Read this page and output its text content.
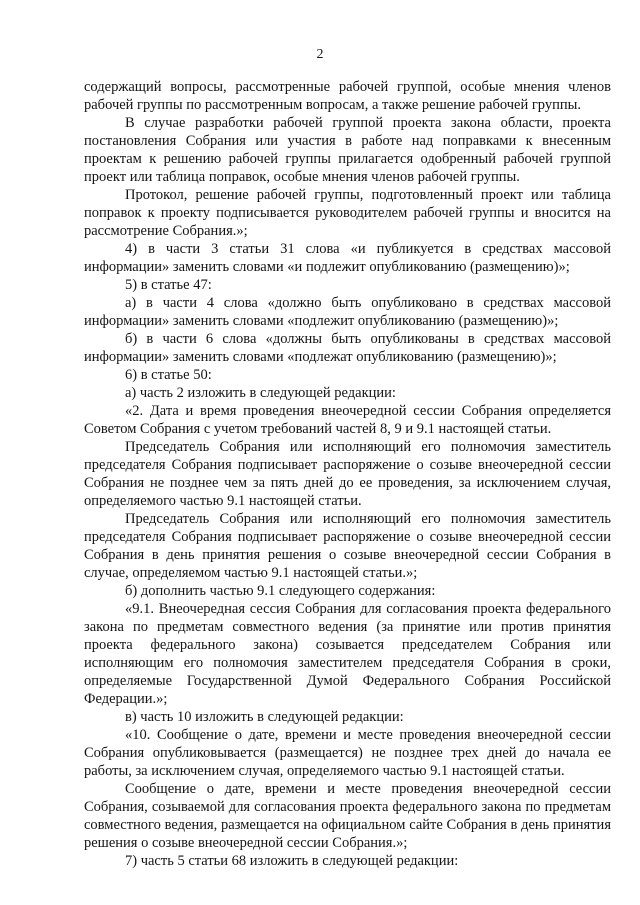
2

содержащий вопросы, рассмотренные рабочей группой, особые мнения членов рабочей группы по рассмотренным вопросам, а также решение рабочей группы.

В случае разработки рабочей группой проекта закона области, проекта постановления Собрания или участия в работе над поправками к внесенным проектам к решению рабочей группы прилагается одобренный рабочей группой проект или таблица поправок, особые мнения членов рабочей группы.

Протокол, решение рабочей группы, подготовленный проект или таблица поправок к проекту подписывается руководителем рабочей группы и вносится на рассмотрение Собрания.»;

4) в части 3 статьи 31 слова «и публикуется в средствах массовой информации» заменить словами «и подлежит опубликованию (размещению)»;

5) в статье 47:

а) в части 4 слова «должно быть опубликовано в средствах массовой информации» заменить словами «подлежит опубликованию (размещению)»;

б) в части 6 слова «должны быть опубликованы в средствах массовой информации» заменить словами «подлежат опубликованию (размещению)»;

6) в статье 50:

а) часть 2 изложить в следующей редакции:

«2. Дата и время проведения внеочередной сессии Собрания определяется Советом Собрания с учетом требований частей 8, 9 и 9.1 настоящей статьи.

Председатель Собрания или исполняющий его полномочия заместитель председателя Собрания подписывает распоряжение о созыве внеочередной сессии Собрания не позднее чем за пять дней до ее проведения, за исключением случая, определяемого частью 9.1 настоящей статьи.

Председатель Собрания или исполняющий его полномочия заместитель председателя Собрания подписывает распоряжение о созыве внеочередной сессии Собрания в день принятия решения о созыве внеочередной сессии Собрания в случае, определяемом частью 9.1 настоящей статьи.»;

б) дополнить частью 9.1 следующего содержания:

«9.1. Внеочередная сессия Собрания для согласования проекта федерального закона по предметам совместного ведения (за принятие или против принятия проекта федерального закона) созывается председателем Собрания или исполняющим его полномочия заместителем председателя Собрания в сроки, определяемые Государственной Думой Федерального Собрания Российской Федерации.»;

в) часть 10 изложить в следующей редакции:

«10. Сообщение о дате, времени и месте проведения внеочередной сессии Собрания опубликовывается (размещается) не позднее трех дней до начала ее работы, за исключением случая, определяемого частью 9.1 настоящей статьи.

Сообщение о дате, времени и месте проведения внеочередной сессии Собрания, созываемой для согласования проекта федерального закона по предметам совместного ведения, размещается на официальном сайте Собрания в день принятия решения о созыве внеочередной сессии Собрания.»;

7) часть 5 статьи 68 изложить в следующей редакции:
